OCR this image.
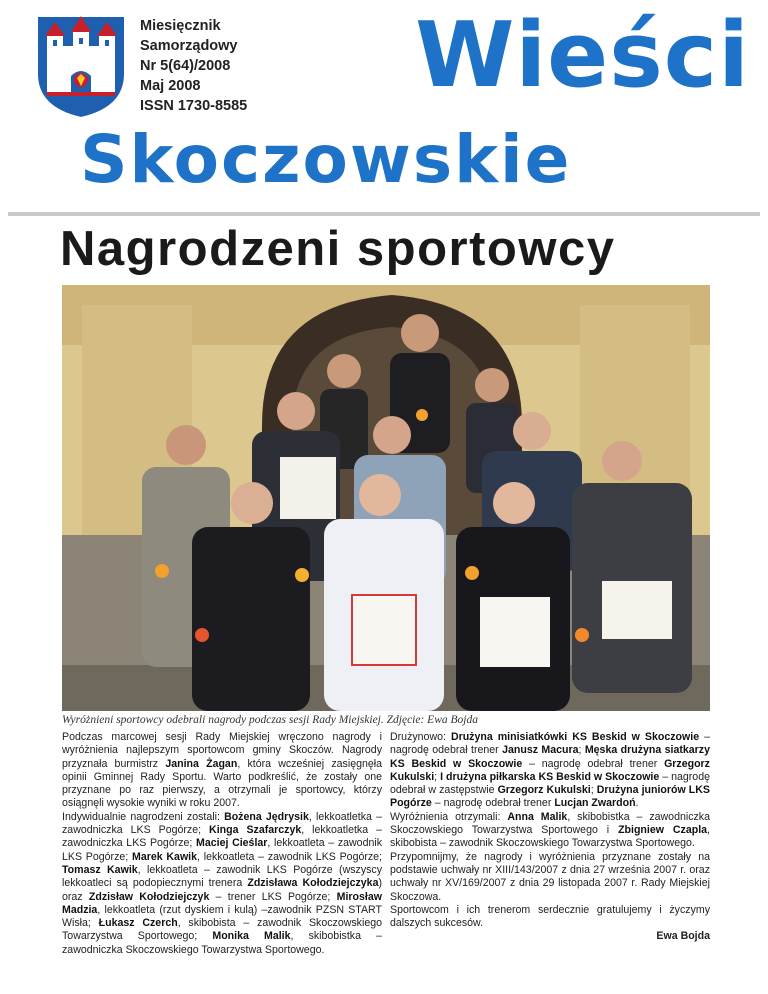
Miesięcznik
Samorządowy
Nr 5(64)/2008
Maj 2008
ISSN 1730-8585	Wieści
Skoczowskie
Nagrodzeni sportowcy
Wyróżnieni sportowcy odebrali nagrody podczas sesji Rady Miejskiej. Zdjęcie: Ewa Bojda

Podczas marcowej sesji Rady Miejskiej wręczono nagrody i wyróżnienia najlepszym sportowcom gminy Skoczów. Nagrody przyznała burmistrz Janina Żagan, która wcześniej zasięgnęła opinii Gminnej Rady Sportu. Warto podkreślić, że zostały one przyznane po raz pierwszy, a otrzymali je sportowcy, którzy osiągnęli wysokie wyniki w roku 2007.

Indywidualnie nagrodzeni zostali: Bożena Jędrysik, lekkoatletka – zawodniczka LKS Pogórze; Kinga Szafarczyk, lekkoatletka – zawodniczka LKS Pogórze; Maciej Cieślar, lekkoatleta – zawodnik LKS Pogórze; Marek Kawik, lekkoatleta – zawodnik LKS Pogórze; Tomasz Kawik, lekkoatleta – zawodnik LKS Pogórze (wszyscy lekkoatleci są podopiecznymi trenera Zdzisława Kołodziejczyka) oraz Zdzisław Kołodziejczyk – trener LKS Pogórze; Mirosław Madzia, lekkoatleta (rzut dyskiem i kulą) –zawodnik PZSN START Wisła; Łukasz Czerch, skibobista – zawodnik Skoczowskiego Towarzystwa Sportowego; Monika Malik, skibobistka – zawodniczka Skoczowskiego Towarzystwa Sportowego.

Drużynowo: Drużyna minisiatkówki KS Beskid w Skoczowie – nagrodę odebrał trener Janusz Macura; Męska drużyna siatkarzy KS Beskid w Skoczowie – nagrodę odebrał trener Grzegorz Kukulski; I drużyna piłkarska KS Beskid w Skoczowie – nagrodę odebrał w zastępstwie Grzegorz Kukulski; Drużyna juniorów LKS Pogórze – nagrodę odebrał trener Lucjan Zwardoń.

Wyróżnienia otrzymali: Anna Malik, skibobistka – zawodniczka Skoczowskiego Towarzystwa Sportowego i Zbigniew Czapla, skibobista – zawodnik Skoczowskiego Towarzystwa Sportowego.

Przypomnijmy, że nagrody i wyróżnienia przyznane zostały na podstawie uchwały nr XIII/143/2007 z dnia 27 września 2007 r. oraz uchwały nr XV/169/2007 z dnia 29 listopada 2007 r. Rady Miejskiej Skoczowa.

Sportowcom i ich trenerom serdecznie gratulujemy i życzymy dalszych sukcesów.

Ewa Bojda
